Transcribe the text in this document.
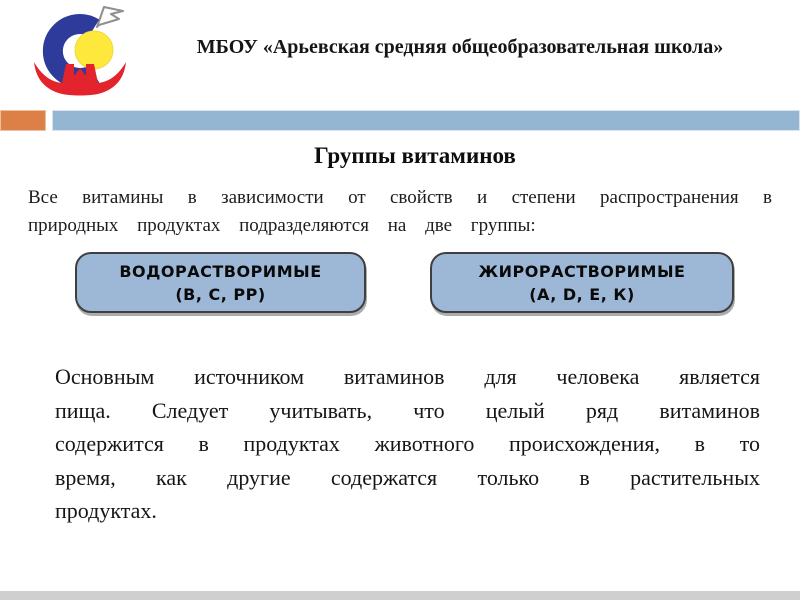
МБОУ «Арьевская средняя общеобразовательная школа»
Группы витаминов

Все витамины в зависимости от свойств и степени распространения в природных продуктах подразделяются на две группы:

ВОДОРАСТВОРИМЫЕ
(B, C, PP)
ЖИРОРАСТВОРИМЫЕ
(A, D, E, К)

Основным источником витаминов для человека является пища. Следует учитывать, что целый ряд витаминов содержится в продуктах животного происхождения, в то время, как другие содержатся только в растительных продуктах.
